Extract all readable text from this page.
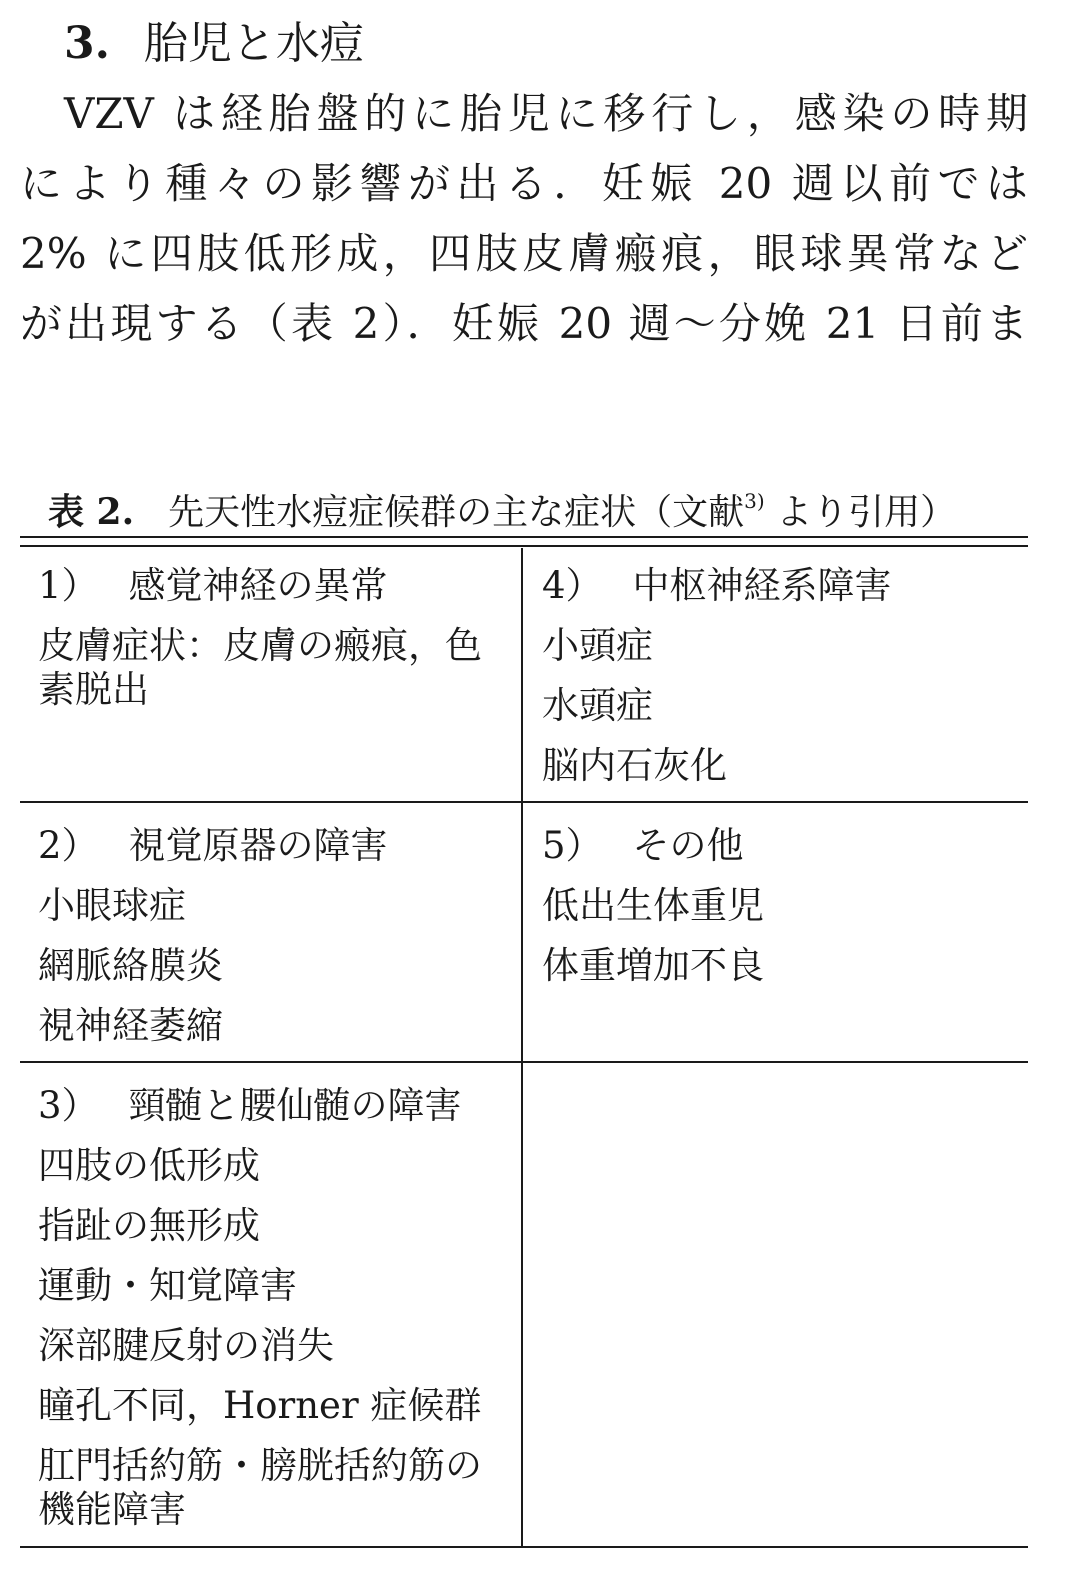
3. 胎児と水痘
VZV は経胎盤的に胎児に移行し，感染の時期
により種々の影響が出る．妊娠 20 週以前では
2% に四肢低形成，四肢皮膚瘢痕，眼球異常など
が出現する（表 2）．妊娠 20 週〜分娩 21 日前ま
表 2. 先天性水痘症候群の主な症状（文献$^{3)}$ より引用）
1） 感覚神経の異常
皮膚症状：皮膚の瘢痕，色素脱出
2） 視覚原器の障害
小眼球症
網脈絡膜炎
視神経萎縮
3） 頸髄と腰仙髄の障害
四肢の低形成
指趾の無形成
運動・知覚障害
深部腱反射の消失
瞳孔不同，Horner 症候群
肛門括約筋・膀胱括約筋の機能障害
4） 中枢神経系障害
小頭症
水頭症
脳内石灰化
5） その他
低出生体重児
体重増加不良
